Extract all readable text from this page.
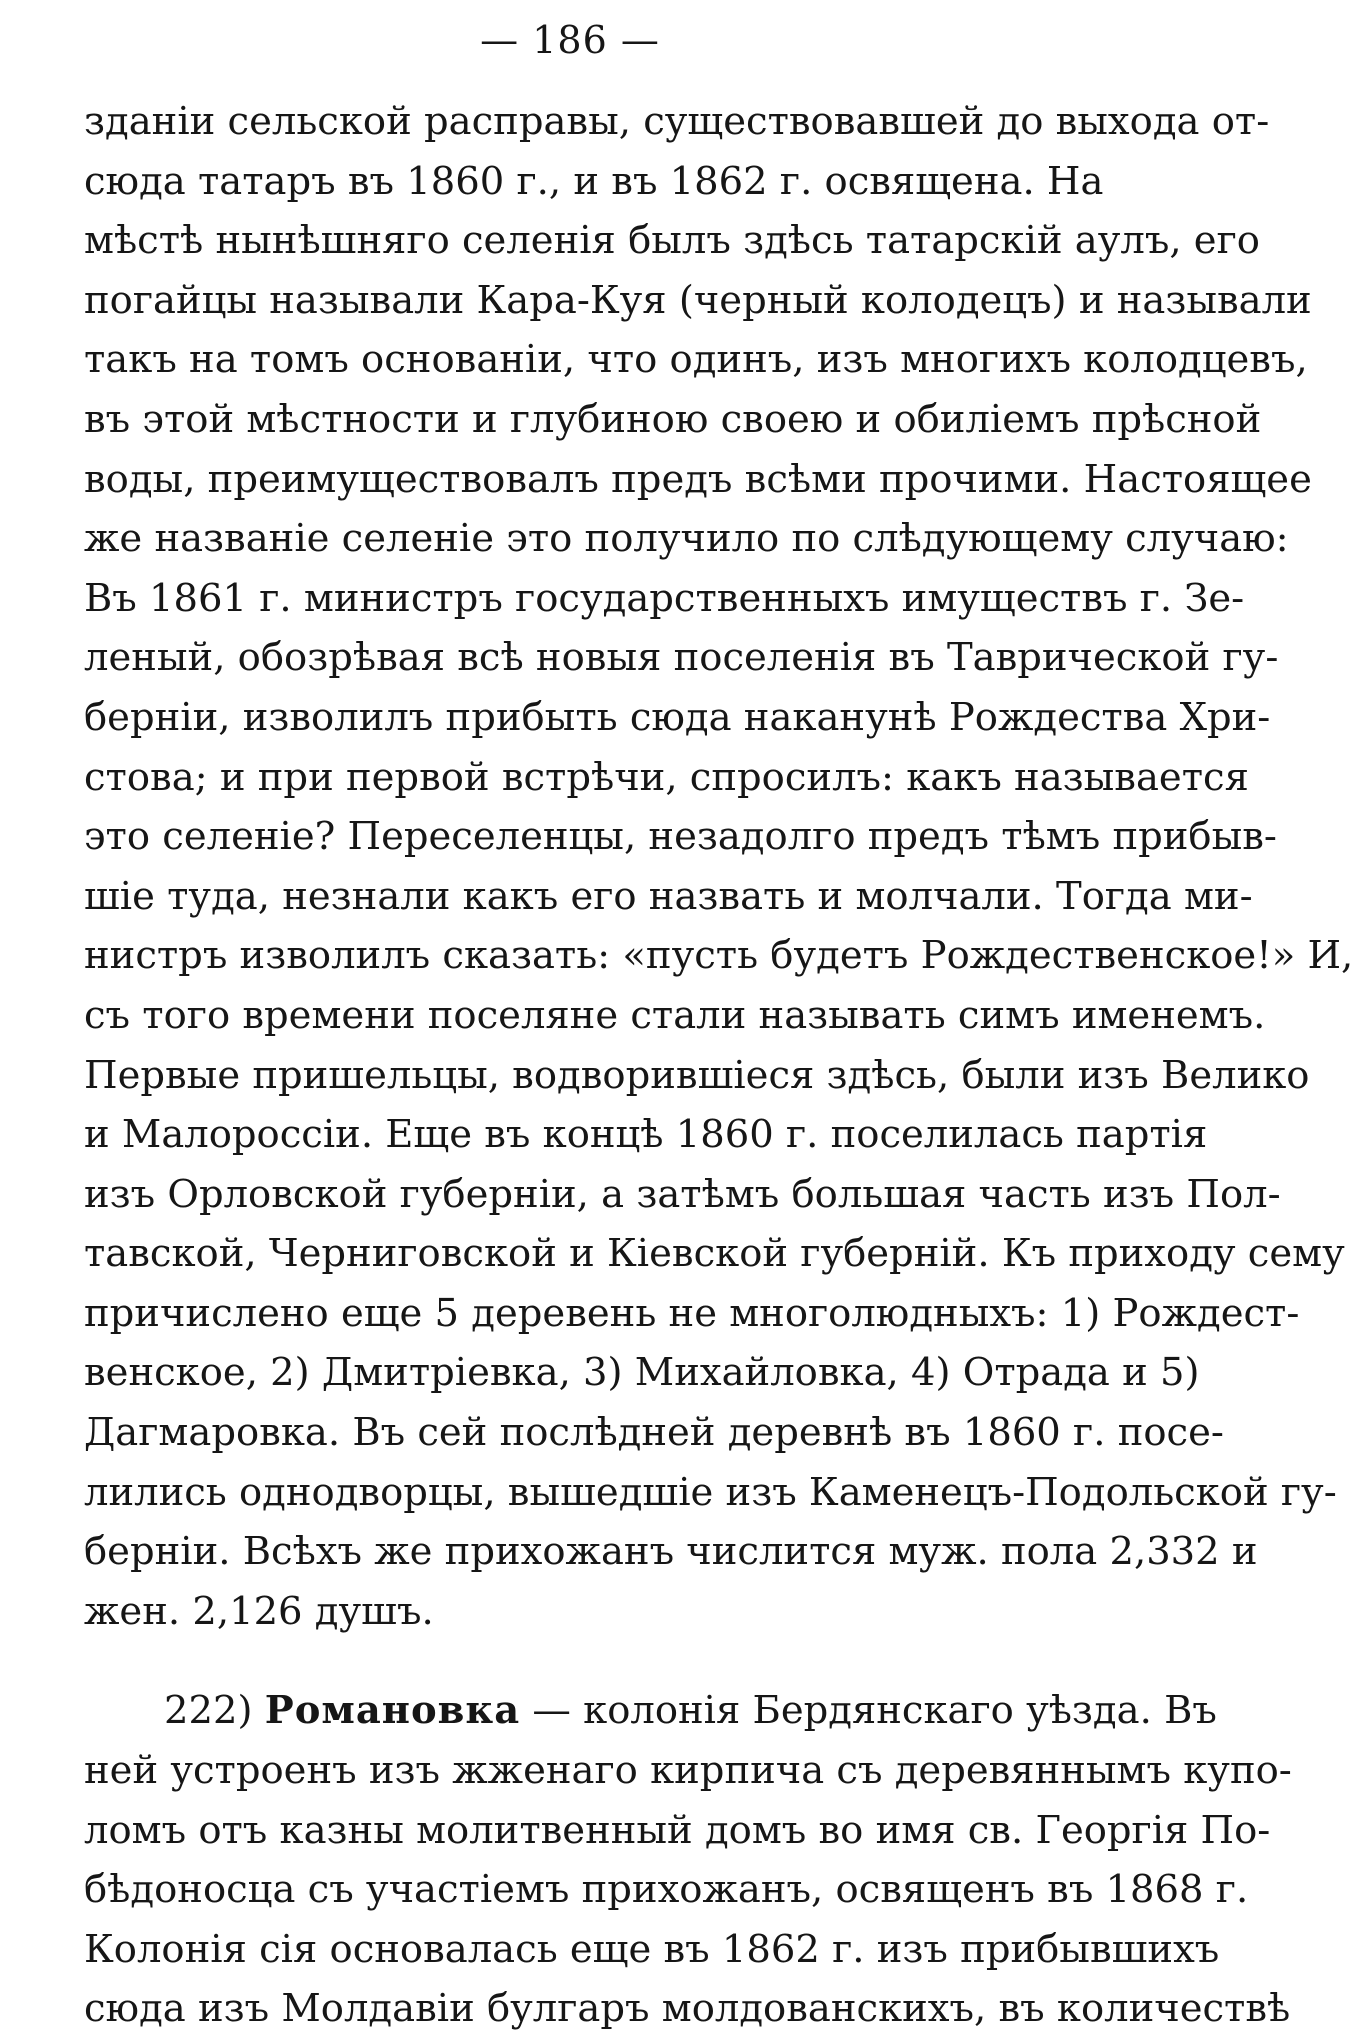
— 186 —
зданіи сельской расправы, существовавшей до выхода от-
сюда татаръ въ 1860 г., и въ 1862 г. освящена. На
мѣстѣ нынѣшняго селенія былъ здѣсь татарскій аулъ, его
погайцы называли Кара-Куя (черный колодецъ) и называли
такъ на томъ основаніи, что одинъ, изъ многихъ колодцевъ,
въ этой мѣстности и глубиною своею и обиліемъ прѣсной
воды, преимуществовалъ предъ всѣми прочими. Настоящее
же названіе селеніе это получило по слѣдующему случаю:
Въ 1861 г. министръ государственныхъ имуществъ г. Зе-
леный, обозрѣвая всѣ новыя поселенія въ Таврической гу-
берніи, изволилъ прибыть сюда наканунѣ Рождества Хри-
стова; и при первой встрѣчи, спросилъ: какъ называется
это селеніе? Переселенцы, незадолго предъ тѣмъ прибыв-
шіе туда, незнали какъ его назвать и молчали. Тогда ми-
нистръ изволилъ сказать: «пусть будетъ Рождественское!» И,
съ того времени поселяне стали называть симъ именемъ.
Первые пришельцы, водворившіеся здѣсь, были изъ Велико
и Малороссіи. Еще въ концѣ 1860 г. поселилась партія
изъ Орловской губерніи, а затѣмъ большая часть изъ Пол-
тавской, Черниговской и Кіевской губерній. Къ приходу сему
причислено еще 5 деревень не многолюдныхъ: 1) Рождест-
венское, 2) Дмитріевка, 3) Михайловка, 4) Отрада и 5)
Дагмаровка. Въ сей послѣдней деревнѣ въ 1860 г. посе-
лились однодворцы, вышедшіе изъ Каменецъ-Подольской гу-
берніи. Всѣхъ же прихожанъ числится муж. пола 2,332 и
жен. 2,126 душъ.
222) Романовка — колонія Бердянскаго уѣзда. Въ
ней устроенъ изъ жженаго кирпича съ деревяннымъ купо-
ломъ отъ казны молитвенный домъ во имя св. Георгія По-
бѣдоносца съ участіемъ прихожанъ, освященъ въ 1868 г.
Колонія сія основалась еще въ 1862 г. изъ прибывшихъ
сюда изъ Молдавіи булгаръ молдованскихъ, въ количествѣ
